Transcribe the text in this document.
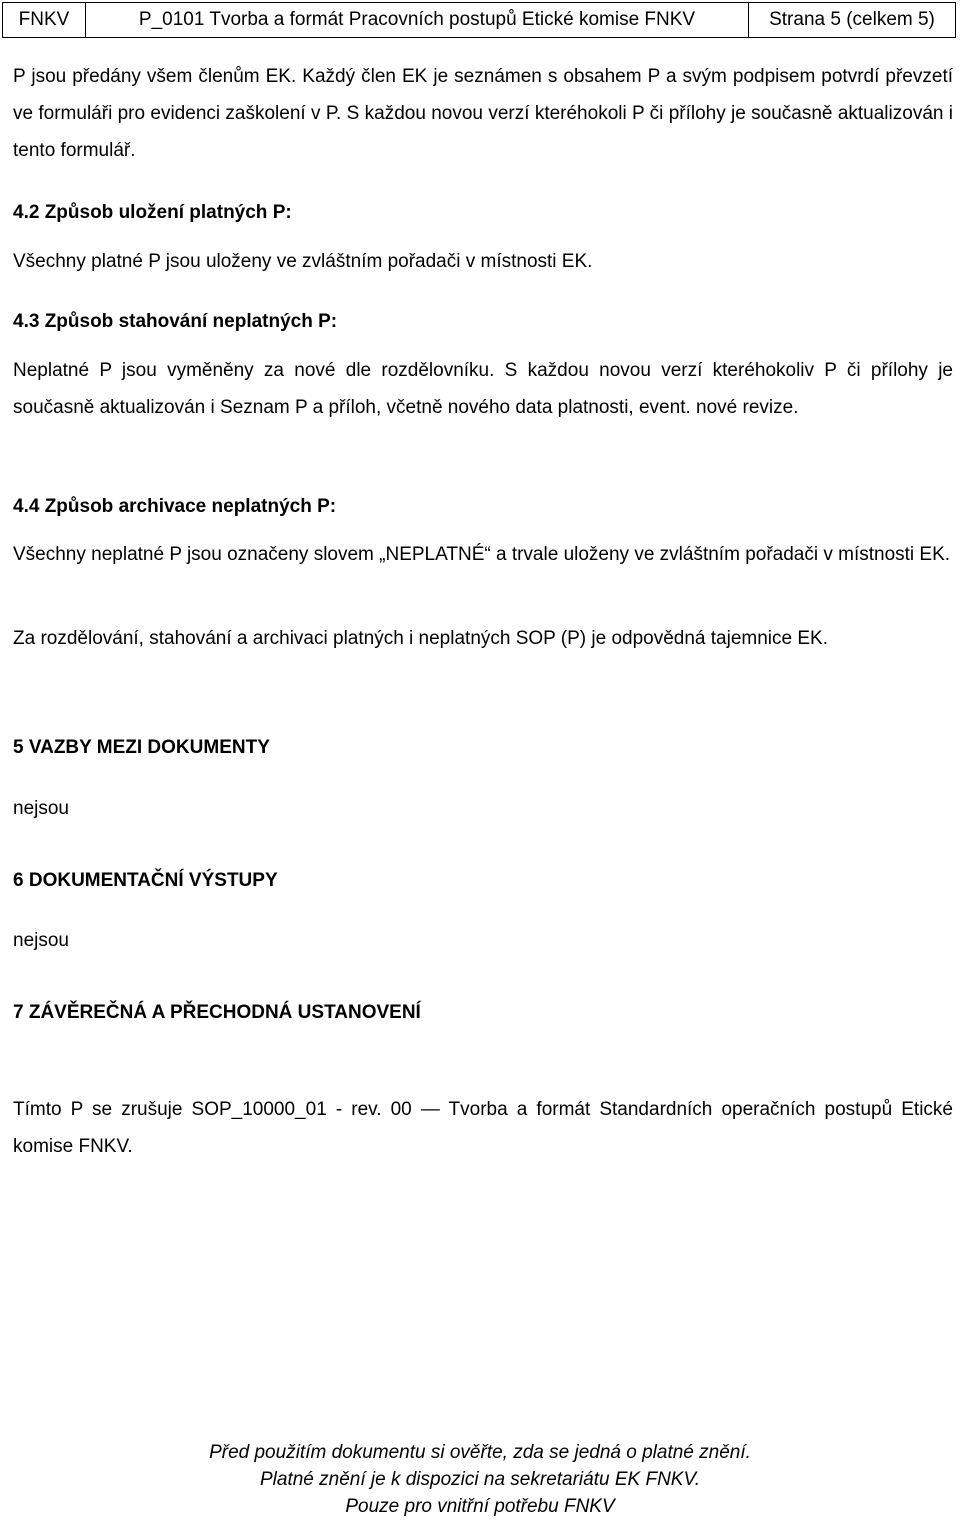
FNKV	P_0101 Tvorba a formát Pracovních postupů Etické komise FNKV	Strana 5 (celkem 5)

P jsou předány všem členům EK. Každý člen EK je seznámen s obsahem P a svým podpisem potvrdí převzetí ve formuláři pro evidenci zaškolení v P. S každou novou verzí kteréhokoli P či přílohy je současně aktualizován i tento formulář.

4.2 Způsob uložení platných P:

Všechny platné P jsou uloženy ve zvláštním pořadači v místnosti EK.

4.3 Způsob stahování neplatných P:

Neplatné P jsou vyměněny za nové dle rozdělovníku. S každou novou verzí kteréhokoliv P či přílohy je současně aktualizován i Seznam P a příloh, včetně nového data platnosti, event. nové revize.

4.4 Způsob archivace neplatných P:

Všechny neplatné P jsou označeny slovem „NEPLATNÉ“ a trvale uloženy ve zvláštním pořadači v místnosti EK.

Za rozdělování, stahování a archivaci platných i neplatných SOP (P) je odpovědná tajemnice EK.

5 VAZBY MEZI DOKUMENTY

nejsou

6 DOKUMENTAČNÍ VÝSTUPY

nejsou

7 ZÁVĚREČNÁ A PŘECHODNÁ USTANOVENÍ

Tímto P se zrušuje SOP_10000_01 - rev. 00 — Tvorba a formát Standardních operačních postupů Etické komise FNKV.

Před použitím dokumentu si ověřte, zda se jedná o platné znění.
Platné znění je k dispozici na sekretariátu EK FNKV.
Pouze pro vnitřní potřebu FNKV
